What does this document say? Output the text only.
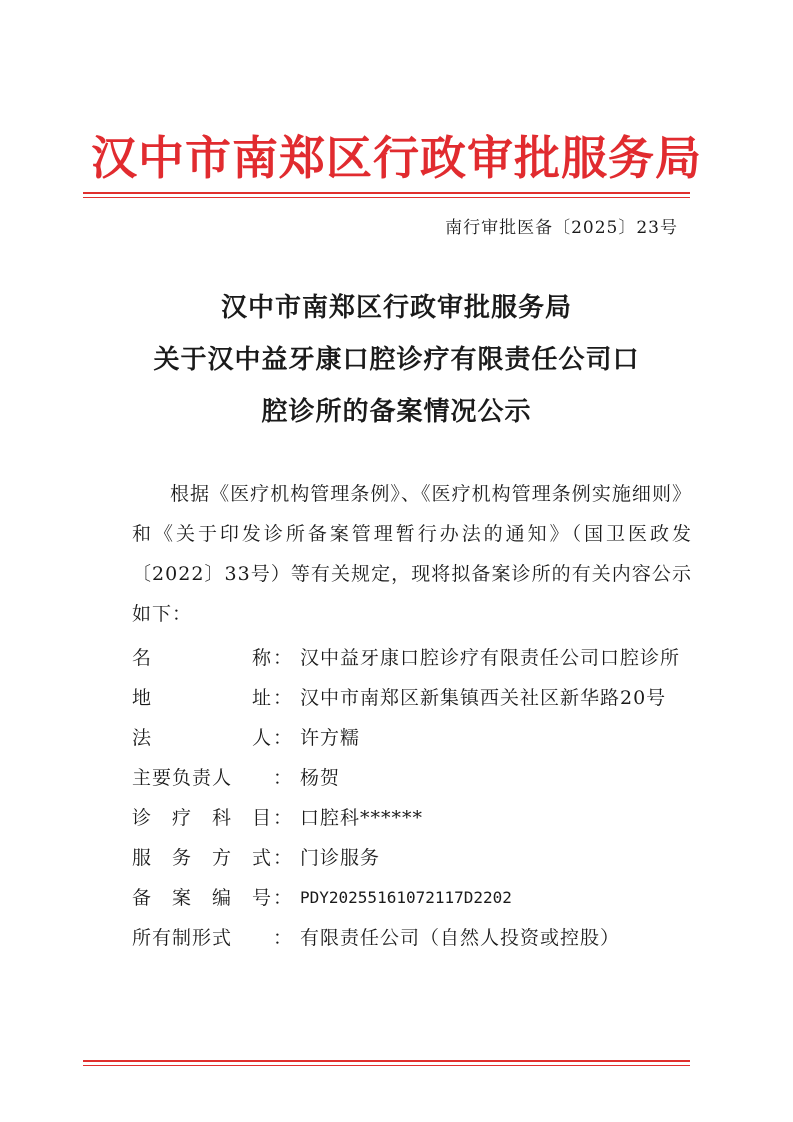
汉中市南郑区行政审批服务局
南行审批医备〔2025〕23号
汉中市南郑区行政审批服务局
关于汉中益牙康口腔诊疗有限责任公司口
腔诊所的备案情况公示
根据《医疗机构管理条例》、《医疗机构管理条例实施细则》和《关于印发诊所备案管理暂行办法的通知》（国卫医政发〔2022〕33号）等有关规定，现将拟备案诊所的有关内容公示如下：
名	称 ： 汉中益牙康口腔诊疗有限责任公司口腔诊所
地	址 ： 汉中市南郑区新集镇西关社区新华路20号
法	人 ： 许方糯
主要负责人 ： 杨贺
诊 疗 科 目 ： 口腔科******
服 务 方 式 ： 门诊服务
备 案 编 号 ： PDY20255161072117D2202
所有制形式 ： 有限责任公司（自然人投资或控股）
